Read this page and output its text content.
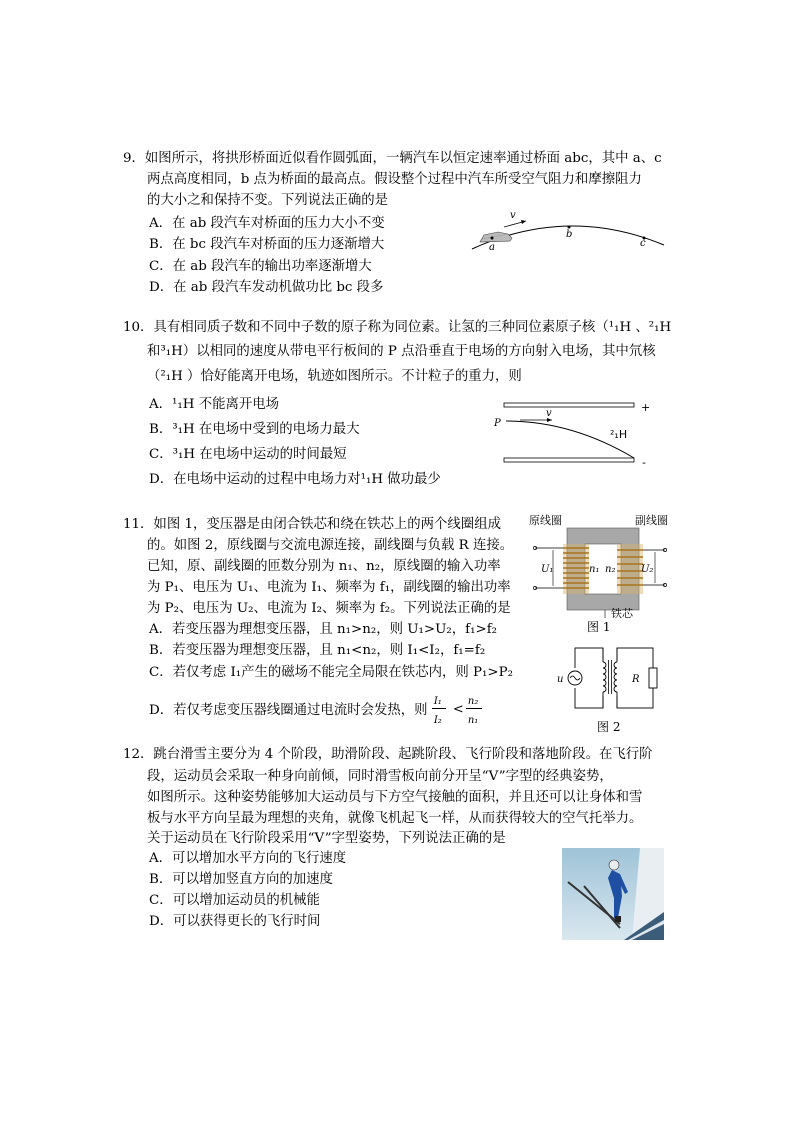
9．如图所示，将拱形桥面近似看作圆弧面，一辆汽车以恒定速率通过桥面 abc，其中 a、c
两点高度相同，b 点为桥面的最高点。假设整个过程中汽车所受空气阻力和摩擦阻力
的大小之和保持不变。下列说法正确的是
A．在 ab 段汽车对桥面的压力大小不变
B．在 bc 段汽车对桥面的压力逐渐增大
C．在 ab 段汽车的输出功率逐渐增大
D．在 ab 段汽车发动机做功比 bc 段多
v
a
b
c
10．具有相同质子数和不同中子数的原子称为同位素。让氢的三种同位素原子核（¹₁H 、²₁H
和³₁H）以相同的速度从带电平行板间的 P 点沿垂直于电场的方向射入电场，其中氘核
（²₁H ）恰好能离开电场，轨迹如图所示。不计粒子的重力，则
A．¹₁H 不能离开电场
B．³₁H 在电场中受到的电场力最大
C．³₁H 在电场中运动的时间最短
D．在电场中运动的过程中电场力对¹₁H 做功最少
P
v	+
-
²₁H
11．如图 1，变压器是由闭合铁芯和绕在铁芯上的两个线圈组成
的。如图 2，原线圈与交流电源连接，副线圈与负载 R 连接。
已知，原、副线圈的匝数分别为 n₁、n₂，原线圈的输入功率
为 P₁、电压为 U₁、电流为 I₁、频率为 f₁，副线圈的输出功率
为 P₂、电压为 U₂、电流为 I₂、频率为 f₂。下列说法正确的是
A．若变压器为理想变压器，且 n₁>n₂，则 U₁>U₂，f₁>f₂
B．若变压器为理想变压器，且 n₁<n₂，则 I₁<I₂，f₁=f₂
C．若仅考虑 I₁产生的磁场不能完全局限在铁芯内，则 P₁>P₂
D．若仅考虑变压器线圈通过电流时会发热，则
I₁
I₂
<
n₂
n₁
原线圈	副线圈
U₁	U₂
n₁ n₂
铁芯
图 1
u	R
图 2
12．跳台滑雪主要分为 4 个阶段，助滑阶段、起跳阶段、飞行阶段和落地阶段。在飞行阶
段，运动员会采取一种身向前倾，同时滑雪板向前分开呈“V”字型的经典姿势，
如图所示。这种姿势能够加大运动员与下方空气接触的面积，并且还可以让身体和雪
板与水平方向呈最为理想的夹角，就像飞机起飞一样，从而获得较大的空气托举力。
关于运动员在飞行阶段采用“V”字型姿势，下列说法正确的是
A．可以增加水平方向的飞行速度
B．可以增加竖直方向的加速度
C．可以增加运动员的机械能
D．可以获得更长的飞行时间
